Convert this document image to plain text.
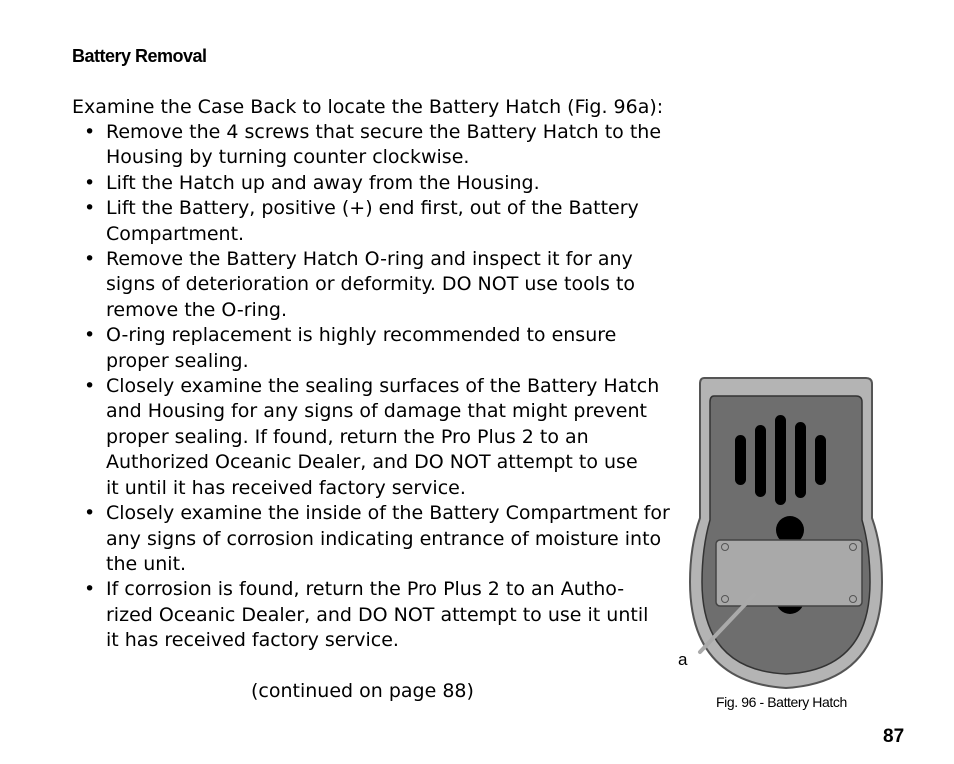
Battery Removal
Examine the Case Back to locate the Battery Hatch (Fig. 96a):
• Remove the 4 screws that secure the Battery Hatch to the
Housing by turning counter clockwise.
• Lift the Hatch up and away from the Housing.
• Lift the Battery, positive (+) end first, out of the Battery
Compartment.
• Remove the Battery Hatch O-ring and inspect it for any
signs of deterioration or deformity. DO NOT use tools to
remove the O-ring.
• O-ring replacement is highly recommended to ensure
proper sealing.
• Closely examine the sealing surfaces of the Battery Hatch
and Housing for any signs of damage that might prevent
proper sealing. If found, return the Pro Plus 2 to an
Authorized Oceanic Dealer, and DO NOT attempt to use
it until it has received factory service.
• Closely examine the inside of the Battery Compartment for
any signs of corrosion indicating entrance of moisture into
the unit.
• If corrosion is found, return the Pro Plus 2 to an Autho-
rized Oceanic Dealer, and DO NOT attempt to use it until
it has received factory service.
(continued on page 88)
a
Fig. 96 - Battery Hatch
87
